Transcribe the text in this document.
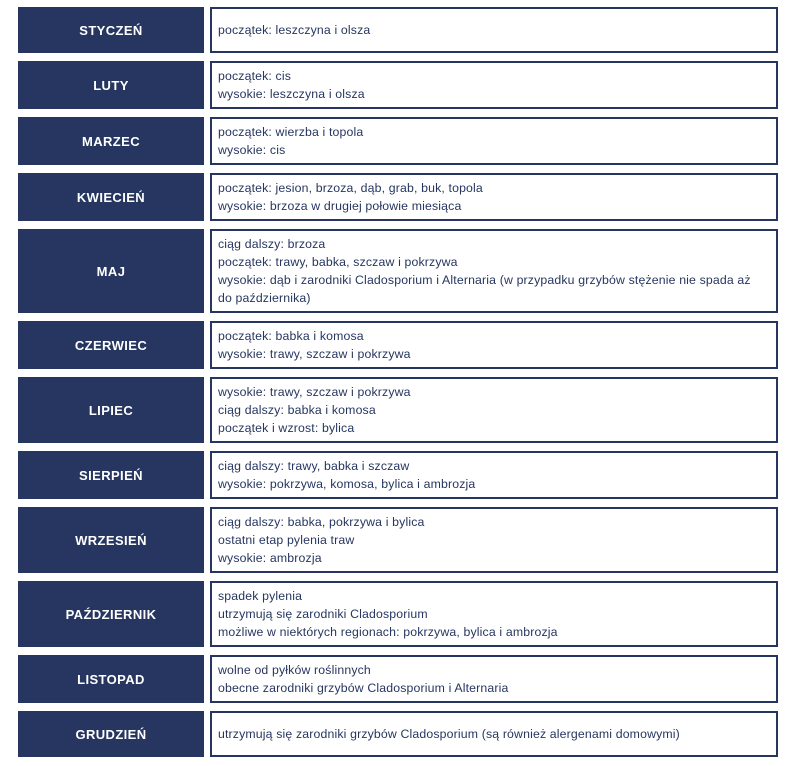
STYCZEŃ	początek: leszczyna i olsza
LUTY
początek: cis
wysokie: leszczyna i olsza
MARZEC
początek: wierzba i topola
wysokie: cis
KWIECIEŃ
początek: jesion, brzoza, dąb, grab, buk, topola
wysokie: brzoza w drugiej połowie miesiąca
MAJ
ciąg dalszy: brzoza
początek: trawy, babka, szczaw i pokrzywa
wysokie: dąb i zarodniki Cladosporium i Alternaria (w przypadku grzybów stężenie nie spada aż do października)
CZERWIEC
początek: babka i komosa
wysokie: trawy, szczaw i pokrzywa
LIPIEC
wysokie: trawy, szczaw i pokrzywa
ciąg dalszy: babka i komosa
początek i wzrost: bylica
SIERPIEŃ
ciąg dalszy: trawy, babka i szczaw
wysokie: pokrzywa, komosa, bylica i ambrozja
WRZESIEŃ
ciąg dalszy: babka, pokrzywa i bylica
ostatni etap pylenia traw
wysokie: ambrozja
PAŹDZIERNIK
spadek pylenia
utrzymują się zarodniki Cladosporium
możliwe w niektórych regionach: pokrzywa, bylica i ambrozja
LISTOPAD
wolne od pyłków roślinnych
obecne zarodniki grzybów Cladosporium i Alternaria
GRUDZIEŃ	utrzymują się zarodniki grzybów Cladosporium (są również alergenami domowymi)
